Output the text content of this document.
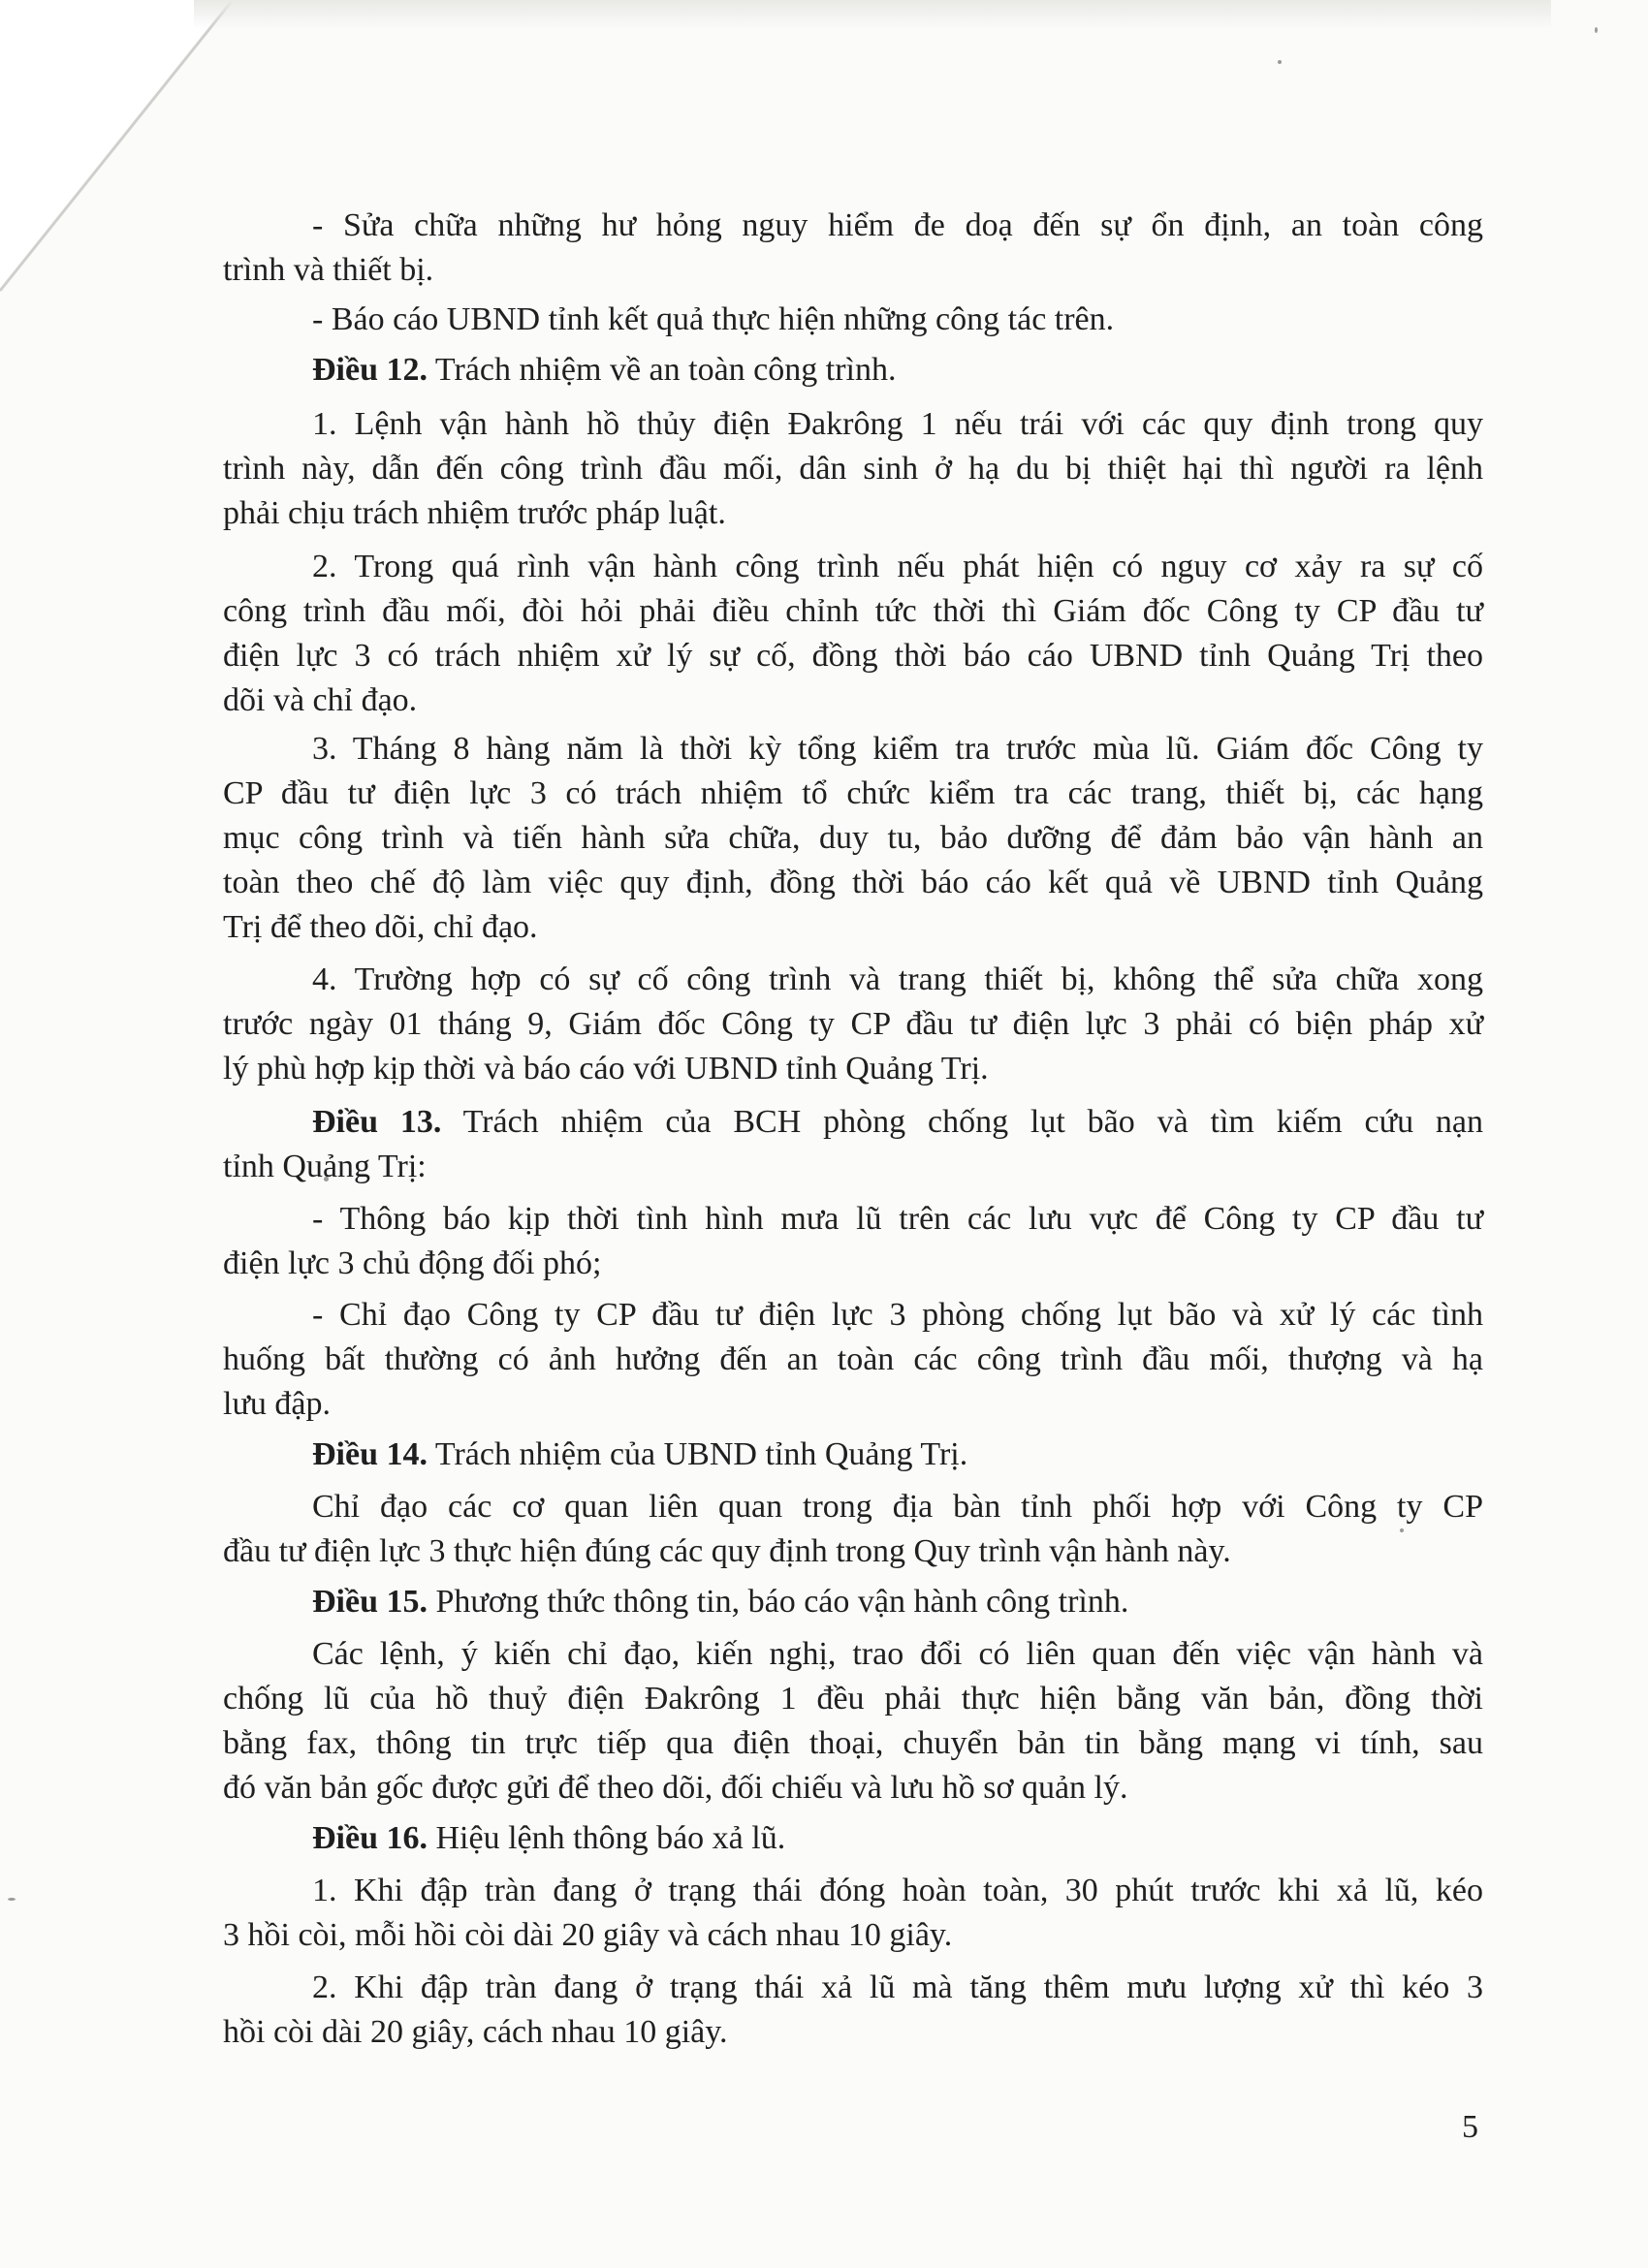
- Sửa chữa những hư hỏng nguy hiểm đe doạ đến sự ổn định, an toàn công
trình và thiết bị.
- Báo cáo UBND tỉnh kết quả thực hiện những công tác trên.
Điều 12. Trách nhiệm về an toàn công trình.
1. Lệnh vận hành hồ thủy điện Đakrông 1 nếu trái với các quy định trong quy
trình này, dẫn đến công trình đầu mối, dân sinh ở hạ du bị thiệt hại thì người ra lệnh
phải chịu trách nhiệm trước pháp luật.
2. Trong quá rình vận hành công trình nếu phát hiện có nguy cơ xảy ra sự cố
công trình đầu mối, đòi hỏi phải điều chỉnh tức thời thì Giám đốc Công ty CP đầu tư
điện lực 3 có trách nhiệm xử lý sự cố, đồng thời báo cáo UBND tỉnh Quảng Trị theo
dõi và chỉ đạo.
3. Tháng 8 hàng năm là thời kỳ tổng kiểm tra trước mùa lũ. Giám đốc Công ty
CP đầu tư điện lực 3 có trách nhiệm tổ chức kiểm tra các trang, thiết bị, các hạng
mục công trình và tiến hành sửa chữa, duy tu, bảo dưỡng để đảm bảo vận hành an
toàn theo chế độ làm việc quy định, đồng thời báo cáo kết quả về UBND tỉnh Quảng
Trị để theo dõi, chỉ đạo.
4. Trường hợp có sự cố công trình và trang thiết bị, không thể sửa chữa xong
trước ngày 01 tháng 9, Giám đốc Công ty CP đầu tư điện lực 3 phải có biện pháp xử
lý phù hợp kịp thời và báo cáo với UBND tỉnh Quảng Trị.
Điều 13. Trách nhiệm của BCH phòng chống lụt bão và tìm kiếm cứu nạn
tỉnh Quảng Trị:
- Thông báo kịp thời tình hình mưa lũ trên các lưu vực để Công ty CP đầu tư
điện lực 3 chủ động đối phó;
- Chỉ đạo Công ty CP đầu tư điện lực 3 phòng chống lụt bão và xử lý các tình
huống bất thường có ảnh hưởng đến an toàn các công trình đầu mối, thượng và hạ
lưu đập.
Điều 14. Trách nhiệm của UBND tỉnh Quảng Trị.
Chỉ đạo các cơ quan liên quan trong địa bàn tỉnh phối hợp với Công ty CP
đầu tư điện lực 3 thực hiện đúng các quy định trong Quy trình vận hành này.
Điều 15. Phương thức thông tin, báo cáo vận hành công trình.
Các lệnh, ý kiến chỉ đạo, kiến nghị, trao đổi có liên quan đến việc vận hành và
chống lũ của hồ thuỷ điện Đakrông 1 đều phải thực hiện bằng văn bản, đồng thời
bằng fax, thông tin trực tiếp qua điện thoại, chuyển bản tin bằng mạng vi tính, sau
đó văn bản gốc được gửi để theo dõi, đối chiếu và lưu hồ sơ quản lý.
Điều 16. Hiệu lệnh thông báo xả lũ.
1. Khi đập tràn đang ở trạng thái đóng hoàn toàn, 30 phút trước khi xả lũ, kéo
3 hồi còi, mỗi hồi còi dài 20 giây và cách nhau 10 giây.
2. Khi đập tràn đang ở trạng thái xả lũ mà tăng thêm mưu lượng xử thì kéo 3
hồi còi dài 20 giây, cách nhau 10 giây.
5
